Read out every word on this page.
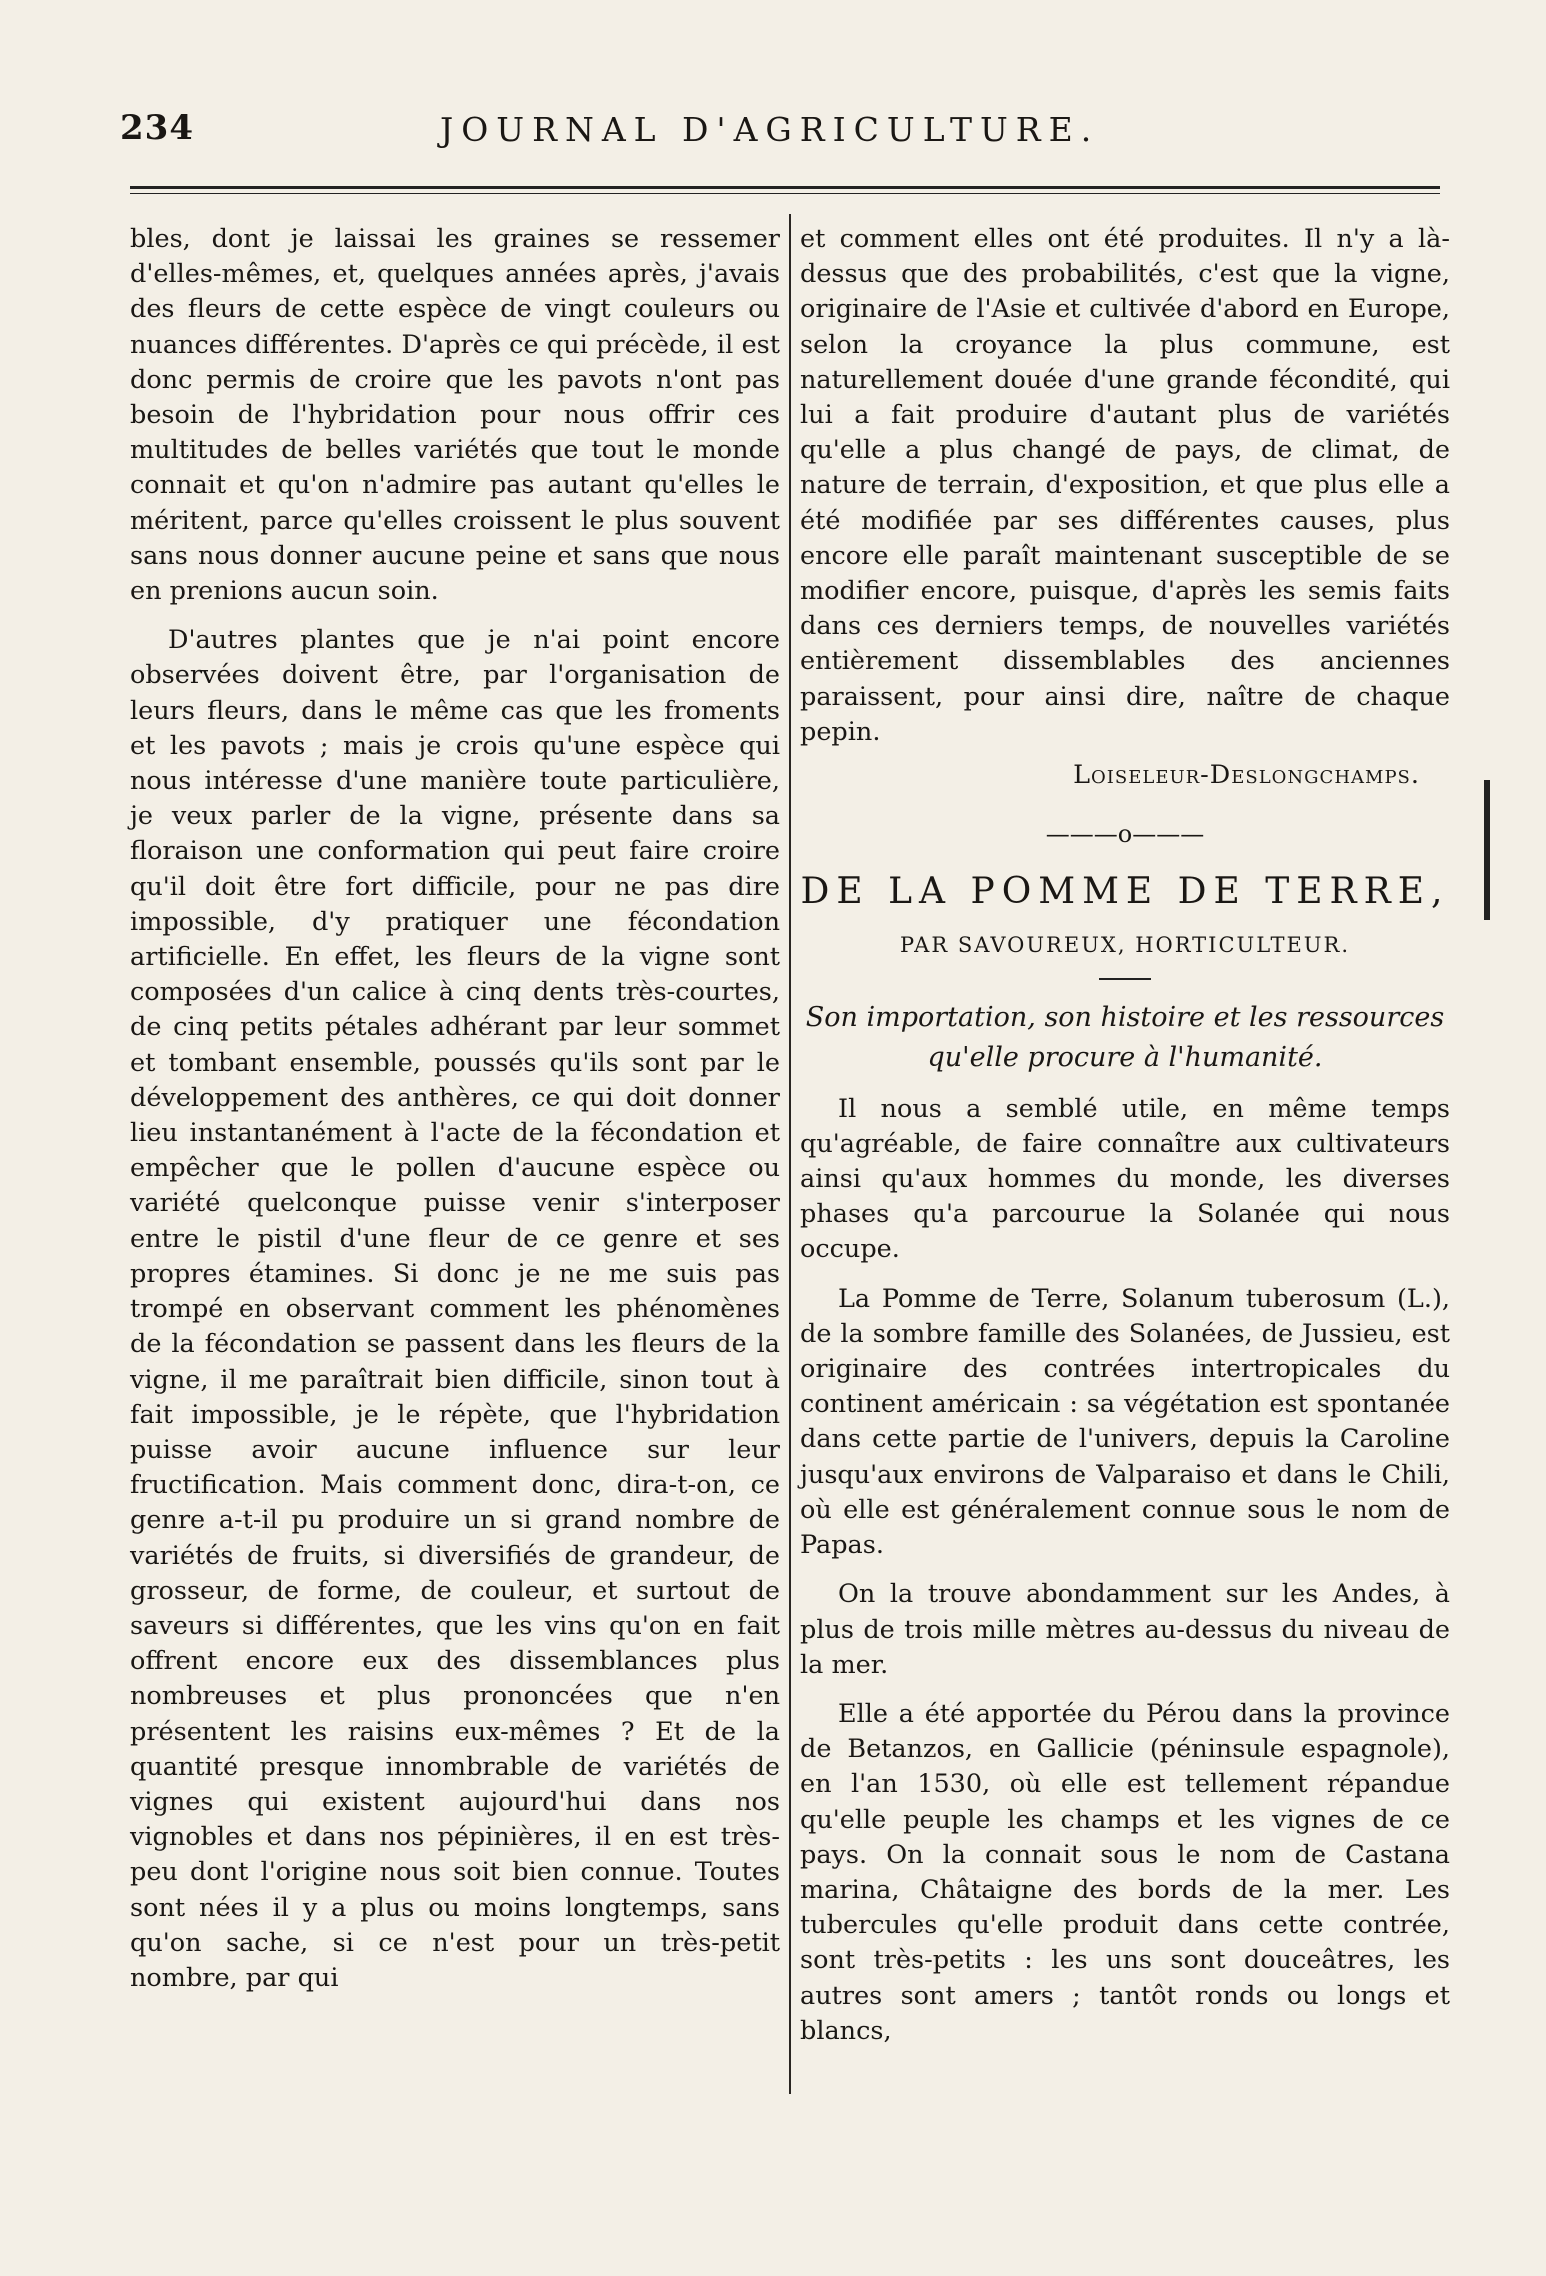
234	JOURNAL D'AGRICULTURE.

bles, dont je laissai les graines se ressemer d'elles-mêmes, et, quelques années après, j'avais des fleurs de cette espèce de vingt couleurs ou nuances différentes. D'après ce qui précède, il est donc permis de croire que les pavots n'ont pas besoin de l'hybridation pour nous offrir ces multitudes de belles variétés que tout le monde connait et qu'on n'admire pas autant qu'elles le méritent, parce qu'elles croissent le plus souvent sans nous donner aucune peine et sans que nous en prenions aucun soin.

D'autres plantes que je n'ai point encore observées doivent être, par l'organisation de leurs fleurs, dans le même cas que les froments et les pavots ; mais je crois qu'une espèce qui nous intéresse d'une manière toute particulière, je veux parler de la vigne, présente dans sa floraison une conformation qui peut faire croire qu'il doit être fort difficile, pour ne pas dire impossible, d'y pratiquer une fécondation artificielle. En effet, les fleurs de la vigne sont composées d'un calice à cinq dents très-courtes, de cinq petits pétales adhérant par leur sommet et tombant ensemble, poussés qu'ils sont par le développement des anthères, ce qui doit donner lieu instantanément à l'acte de la fécondation et empêcher que le pollen d'aucune espèce ou variété quelconque puisse venir s'interposer entre le pistil d'une fleur de ce genre et ses propres étamines. Si donc je ne me suis pas trompé en observant comment les phénomènes de la fécondation se passent dans les fleurs de la vigne, il me paraîtrait bien difficile, sinon tout à fait impossible, je le répète, que l'hybridation puisse avoir aucune influence sur leur fructification. Mais comment donc, dira-t-on, ce genre a-t-il pu produire un si grand nombre de variétés de fruits, si diversifiés de grandeur, de grosseur, de forme, de couleur, et surtout de saveurs si différentes, que les vins qu'on en fait offrent encore eux des dissemblances plus nombreuses et plus prononcées que n'en présentent les raisins eux-mêmes ? Et de la quantité presque innombrable de variétés de vignes qui existent aujourd'hui dans nos vignobles et dans nos pépinières, il en est très-peu dont l'origine nous soit bien connue. Toutes sont nées il y a plus ou moins longtemps, sans qu'on sache, si ce n'est pour un très-petit nombre, par qui

et comment elles ont été produites. Il n'y a là-dessus que des probabilités, c'est que la vigne, originaire de l'Asie et cultivée d'abord en Europe, selon la croyance la plus commune, est naturellement douée d'une grande fécondité, qui lui a fait produire d'autant plus de variétés qu'elle a plus changé de pays, de climat, de nature de terrain, d'exposition, et que plus elle a été modifiée par ses différentes causes, plus encore elle paraît maintenant susceptible de se modifier encore, puisque, d'après les semis faits dans ces derniers temps, de nouvelles variétés entièrement dissemblables des anciennes paraissent, pour ainsi dire, naître de chaque pepin.

Loiseleur-Deslongchamps.
———o———
DE LA POMME DE TERRE,
PAR SAVOUREUX, HORTICULTEUR.
Son importation, son histoire et les ressources
qu'elle procure à l'humanité.

Il nous a semblé utile, en même temps qu'agréable, de faire connaître aux cultivateurs ainsi qu'aux hommes du monde, les diverses phases qu'a parcourue la Solanée qui nous occupe.

La Pomme de Terre, Solanum tuberosum (L.), de la sombre famille des Solanées, de Jussieu, est originaire des contrées intertropicales du continent américain : sa végétation est spontanée dans cette partie de l'univers, depuis la Caroline jusqu'aux environs de Valparaiso et dans le Chili, où elle est généralement connue sous le nom de Papas.

On la trouve abondamment sur les Andes, à plus de trois mille mètres au-dessus du niveau de la mer.

Elle a été apportée du Pérou dans la province de Betanzos, en Gallicie (péninsule espagnole), en l'an 1530, où elle est tellement répandue qu'elle peuple les champs et les vignes de ce pays. On la connait sous le nom de Castana marina, Châtaigne des bords de la mer. Les tubercules qu'elle produit dans cette contrée, sont très-petits : les uns sont douceâtres, les autres sont amers ; tantôt ronds ou longs et blancs,
